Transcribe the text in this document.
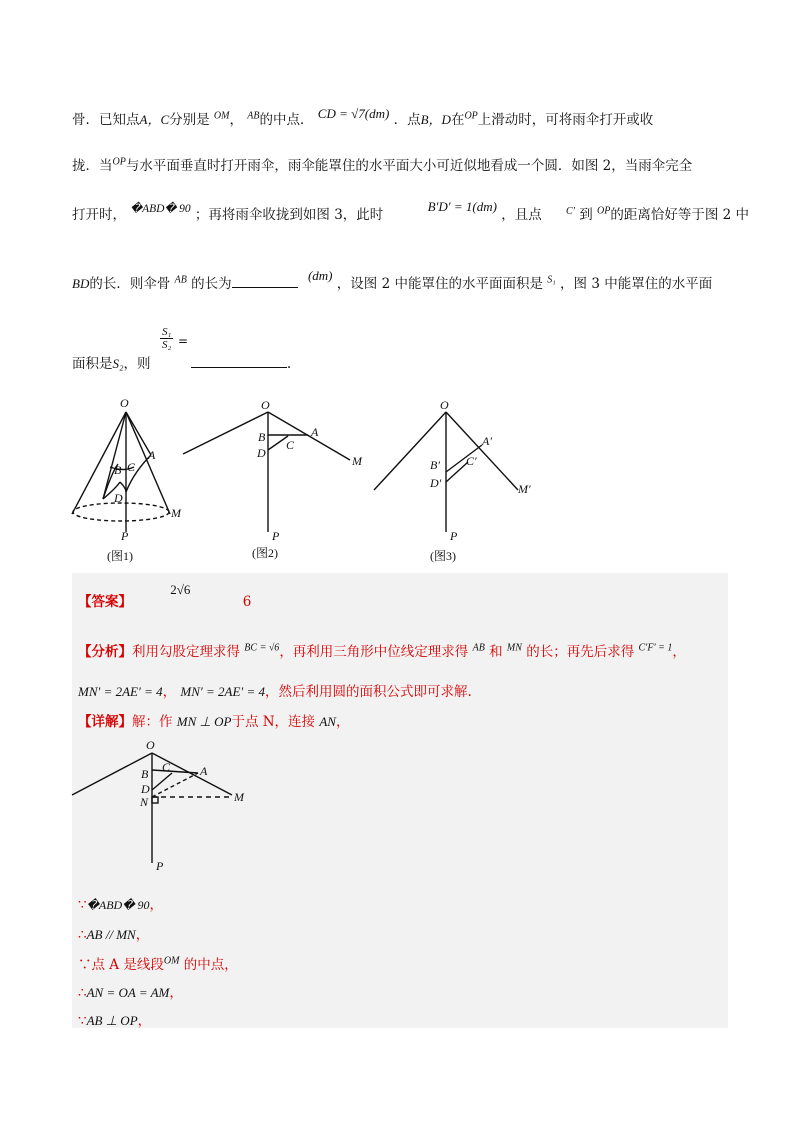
骨．已知点A，C分别是 $^{OM}$， $^{AB}$的中点． CD = √7(dm) ．点B，D在$^{OP}$上滑动时，可将雨伞打开或收
拢．当$^{OP}$与水平面垂直时打开雨伞，雨伞能罩住的水平面大小可近似地看成一个圆．如图 2，当雨伞完全
打开时， �ABD� 90 ；再将雨伞收拢到如图 3，此时 B′D′ = 1(dm) ，且点 $^{C'}$ 到 $^{OP}$的距离恰好等于图 2 中
BD的长．则伞骨 $^{AB}$ 的长为 (dm) ，设图 2 中能罩住的水平面面积是 $^{S_1}$ ，图 3 中能罩住的水平面
面积是S₂，则	.
$\frac{\text{S₁}}{\text{S₂}}$ =
O
A
B C
D
M
P
O
A
B
C
D
M
P
O
A′
B′ C′
D′	M′
P
(图1)	(图2)	(图3)
【答案】 2√6 6
【分析】利用勾股定理求得 $^{BC = √6}$，再利用三角形中位线定理求得 $^{AB}$ 和 $^{MN}$ 的长；再先后求得 $^{C'F' = 1}$，
MN′ = 2AE′ = 4， MN′ = 2AE′ = 4，然后利用圆的面积公式即可求解.
【详解】解：作 MN ⊥ OP于点 N，连接 AN，
O
A
B C
D
N	M
P
∵�ABD� 90，
∴AB // MN，
∵点 A 是线段$^{OM}$ 的中点，
∴AN = OA = AM，
∵AB ⊥ OP，
